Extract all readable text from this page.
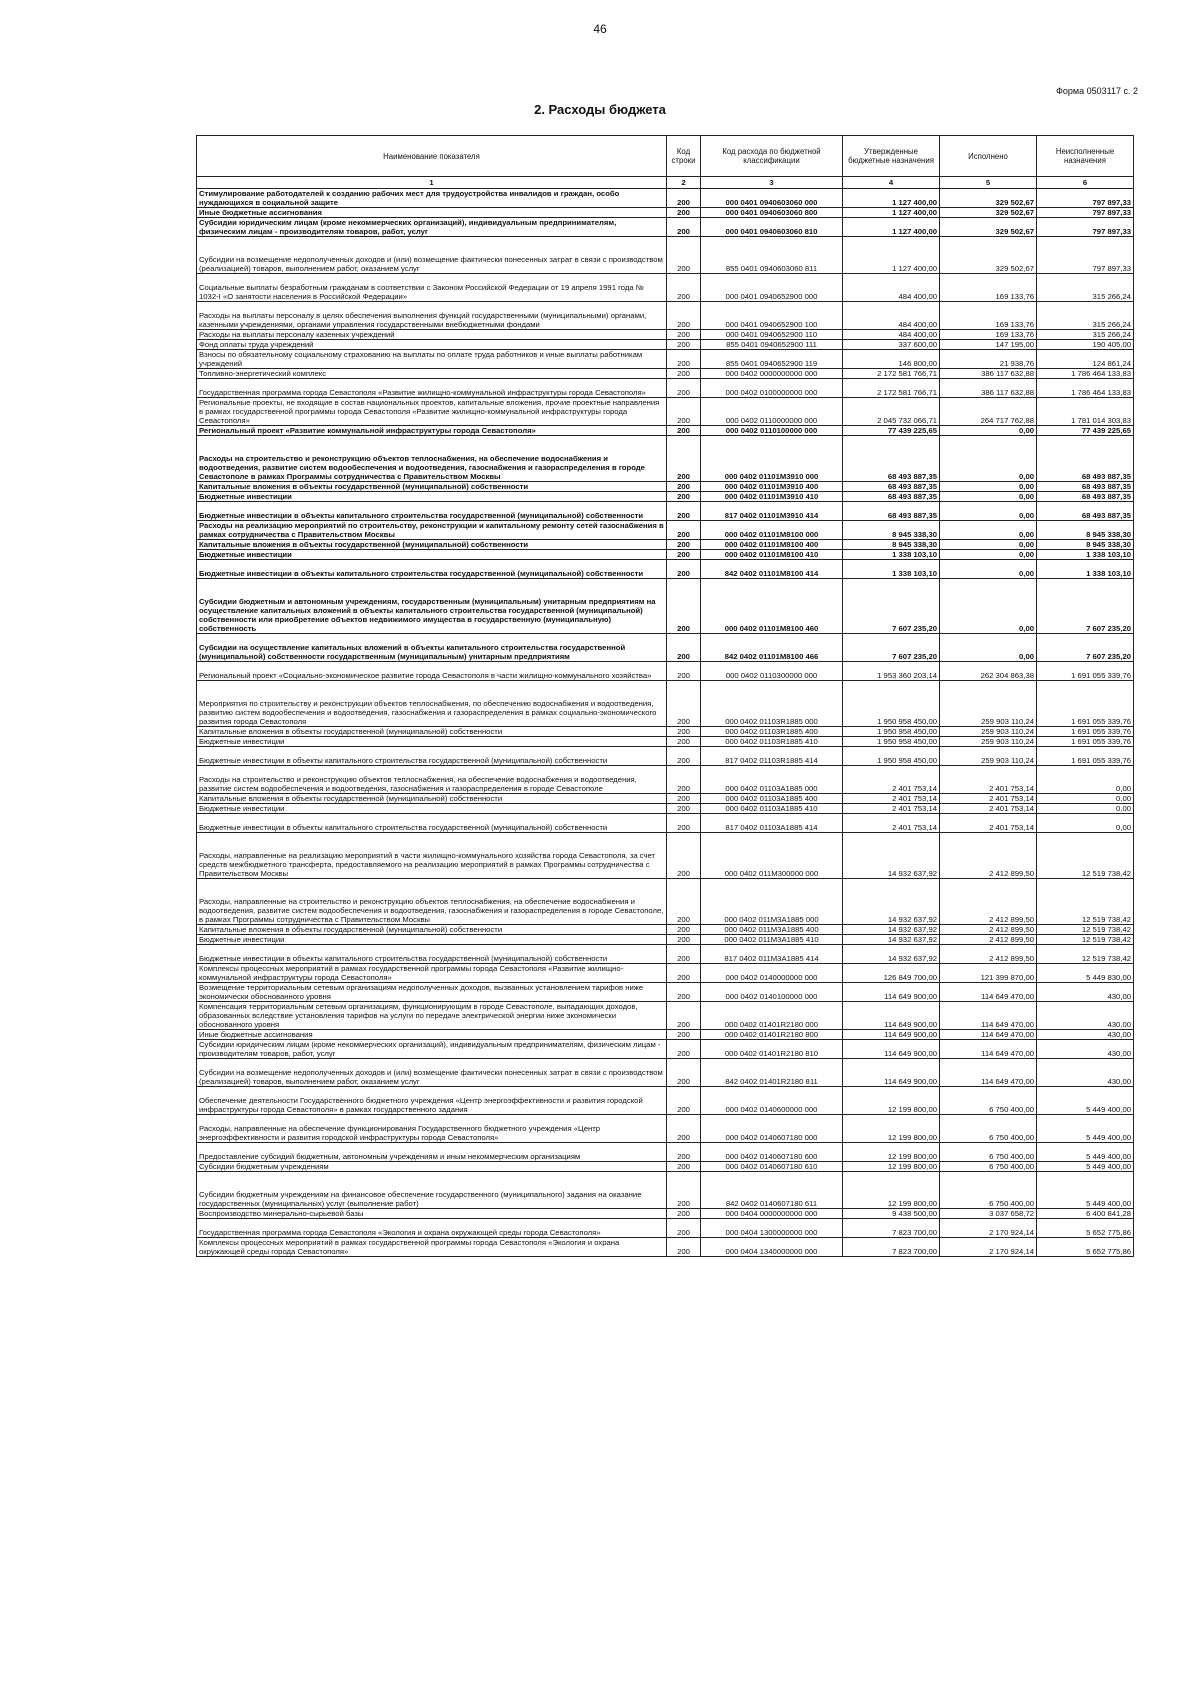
46
Форма 0503117 с. 2
2. Расходы бюджета
Наименование показателя	Код строки	Код расхода по бюджетной классификации	Утвержденные бюджетные назначения	Исполнено	Неисполненные назначения
1	2	3	4	5	6
Стимулирование работодателей к созданию рабочих мест для трудоустройства инвалидов и граждан, особо нуждающихся в социальной защите	200	000 0401 0940603060 000	1 127 400,00	329 502,67	797 897,33
Иные бюджетные ассигнования	200	000 0401 0940603060 800	1 127 400,00	329 502,67	797 897,33
Субсидии юридическим лицам (кроме некоммерческих организаций), индивидуальным предпринимателям, физическим лицам - производителям товаров, работ, услуг	200	000 0401 0940603060 810	1 127 400,00	329 502,67	797 897,33
Субсидии на возмещение недополученных доходов и (или) возмещение фактически понесенных затрат в связи с производством (реализацией) товаров, выполнением работ, оказанием услуг	200	855 0401 0940603060 811	1 127 400,00	329 502,67	797 897,33
Социальные выплаты безработным гражданам в соответствии с Законом Российской Федерации от 19 апреля 1991 года № 1032-I «О занятости населения в Российской Федерации»	200	000 0401 0940652900 000	484 400,00	169 133,76	315 266,24
Расходы на выплаты персоналу в целях обеспечения выполнения функций государственными (муниципальными) органами, казенными учреждениями, органами управления государственными внебюджетными фондами	200	000 0401 0940652900 100	484 400,00	169 133,76	315 266,24
Расходы на выплаты персоналу казенных учреждений	200	000 0401 0940652900 110	484 400,00	169 133,76	315 266,24
Фонд оплаты труда учреждений	200	855 0401 0940652900 111	337 600,00	147 195,00	190 405,00
Взносы по обязательному социальному страхованию на выплаты по оплате труда работников и иные выплаты работникам учреждений	200	855 0401 0940652900 119	146 800,00	21 938,76	124 861,24
Топливно-энергетический комплекс	200	000 0402 0000000000 000	2 172 581 766,71	386 117 632,88	1 786 464 133,83
Государственная программа города Севастополя «Развитие жилищно-коммунальной инфраструктуры города Севастополя»	200	000 0402 0100000000 000	2 172 581 766,71	386 117 632,88	1 786 464 133,83
Региональные проекты, не входящие в состав национальных проектов, капитальные вложения, прочие проектные направления в рамках государственной программы города Севастополя «Развитие жилищно-коммунальной инфраструктуры города Севастополя»	200	000 0402 0110000000 000	2 045 732 066,71	264 717 762,88	1 781 014 303,83
Региональный проект «Развитие коммунальной инфраструктуры города Севастополя»	200	000 0402 0110100000 000	77 439 225,65	0,00	77 439 225,65
Расходы на строительство и реконструкцию объектов теплоснабжения, на обеспечение водоснабжения и водоотведения, развитие систем водообеспечения и водоотведения, газоснабжения и газораспределения в городе Севастополе в рамках Программы сотрудничества с Правительством Москвы	200	000 0402 01101М3910 000	68 493 887,35	0,00	68 493 887,35
Капитальные вложения в объекты государственной (муниципальной) собственности	200	000 0402 01101М3910 400	68 493 887,35	0,00	68 493 887,35
Бюджетные инвестиции	200	000 0402 01101М3910 410	68 493 887,35	0,00	68 493 887,35
Бюджетные инвестиции в объекты капитального строительства государственной (муниципальной) собственности	200	817 0402 01101М3910 414	68 493 887,35	0,00	68 493 887,35
Расходы на реализацию мероприятий по строительству, реконструкции и капитальному ремонту сетей газоснабжения в рамках сотрудничества с Правительством Москвы	200	000 0402 01101М8100 000	8 945 338,30	0,00	8 945 338,30
Капитальные вложения в объекты государственной (муниципальной) собственности	200	000 0402 01101М8100 400	8 945 338,30	0,00	8 945 338,30
Бюджетные инвестиции	200	000 0402 01101М8100 410	1 338 103,10	0,00	1 338 103,10
Бюджетные инвестиции в объекты капитального строительства государственной (муниципальной) собственности	200	842 0402 01101М8100 414	1 338 103,10	0,00	1 338 103,10
Субсидии бюджетным и автономным учреждениям, государственным (муниципальным) унитарным предприятиям на осуществление капитальных вложений в объекты капитального строительства государственной (муниципальной) собственности или приобретение объектов недвижимого имущества в государственную (муниципальную) собственность	200	000 0402 01101М8100 460	7 607 235,20	0,00	7 607 235,20
Субсидии на осуществление капитальных вложений в объекты капитального строительства государственной (муниципальной) собственности государственным (муниципальным) унитарным предприятиям	200	842 0402 01101М8100 466	7 607 235,20	0,00	7 607 235,20
Региональный проект «Социально-экономическое развитие города Севастополя в части жилищно-коммунального хозяйства»	200	000 0402 0110300000 000	1 953 360 203,14	262 304 863,38	1 691 055 339,76
Мероприятия по строительству и реконструкции объектов теплоснабжения, по обеспечению водоснабжения и водоотведения, развитию систем водообеспечения и водоотведения, газоснабжения и газораспределения в рамках социально-экономического развития города Севастополя	200	000 0402 01103R1885 000	1 950 958 450,00	259 903 110,24	1 691 055 339,76
Капитальные вложения в объекты государственной (муниципальной) собственности	200	000 0402 01103R1885 400	1 950 958 450,00	259 903 110,24	1 691 055 339,76
Бюджетные инвестиции	200	000 0402 01103R1885 410	1 950 958 450,00	259 903 110,24	1 691 055 339,76
Бюджетные инвестиции в объекты капитального строительства государственной (муниципальной) собственности	200	817 0402 01103R1885 414	1 950 958 450,00	259 903 110,24	1 691 055 339,76
Расходы на строительство и реконструкцию объектов теплоснабжения, на обеспечение водоснабжения и водоотведения, развитие систем водообеспечения и водоотведения, газоснабжения и газораспределения в городе Севастополе	200	000 0402 01103А1885 000	2 401 753,14	2 401 753,14	0,00
Капитальные вложения в объекты государственной (муниципальной) собственности	200	000 0402 01103А1885 400	2 401 753,14	2 401 753,14	0,00
Бюджетные инвестиции	200	000 0402 01103А1885 410	2 401 753,14	2 401 753,14	0,00
Бюджетные инвестиции в объекты капитального строительства государственной (муниципальной) собственности	200	817 0402 01103А1885 414	2 401 753,14	2 401 753,14	0,00
Расходы, направленные на реализацию мероприятий в части жилищно-коммунального хозяйства города Севастополя, за счет средств межбюджетного трансферта, предоставляемого на реализацию мероприятий в рамках Программы сотрудничества с Правительством Москвы	200	000 0402 011М300000 000	14 932 637,92	2 412 899,50	12 519 738,42
Расходы, направленные на строительство и реконструкцию объектов теплоснабжения, на обеспечение водоснабжения и водоотведения, развитие систем водообеспечения и водоотведения, газоснабжения и газораспределения в городе Севастополе, в рамках Программы сотрудничества с Правительством Москвы	200	000 0402 011М3А1885 000	14 932 637,92	2 412 899,50	12 519 738,42
Капитальные вложения в объекты государственной (муниципальной) собственности	200	000 0402 011М3А1885 400	14 932 637,92	2 412 899,50	12 519 738,42
Бюджетные инвестиции	200	000 0402 011М3А1885 410	14 932 637,92	2 412 899,50	12 519 738,42
Бюджетные инвестиции в объекты капитального строительства государственной (муниципальной) собственности	200	817 0402 011М3А1885 414	14 932 637,92	2 412 899,50	12 519 738,42
Комплексы процессных мероприятий в рамках государственной программы города Севастополя «Развитие жилищно-коммунальной инфраструктуры города Севастополя»	200	000 0402 0140000000 000	126 849 700,00	121 399 870,00	5 449 830,00
Возмещение территориальным сетевым организациям недополученных доходов, вызванных установлением тарифов ниже экономически обоснованного уровня	200	000 0402 0140100000 000	114 649 900,00	114 649 470,00	430,00
Компенсация территориальным сетевым организациям, функционирующим в городе Севастополе, выпадающих доходов, образованных вследствие установления тарифов на услуги по передаче электрической энергии ниже экономически обоснованного уровня	200	000 0402 01401R2180 000	114 649 900,00	114 649 470,00	430,00
Иные бюджетные ассигнования	200	000 0402 01401R2180 800	114 649 900,00	114 649 470,00	430,00
Субсидии юридическим лицам (кроме некоммерческих организаций), индивидуальным предпринимателям, физическим лицам - производителям товаров, работ, услуг	200	000 0402 01401R2180 810	114 649 900,00	114 649 470,00	430,00
Субсидии на возмещение недополученных доходов и (или) возмещение фактически понесенных затрат в связи с производством (реализацией) товаров, выполнением работ, оказанием услуг	200	842 0402 01401R2180 811	114 649 900,00	114 649 470,00	430,00
Обеспечение деятельности Государственного бюджетного учреждения «Центр энергоэффективности и развития городской инфраструктуры города Севастополя» в рамках государственного задания	200	000 0402 0140600000 000	12 199 800,00	6 750 400,00	5 449 400,00
Расходы, направленные на обеспечение функционирования Государственного бюджетного учреждения «Центр энергоэффективности и развития городской инфраструктуры города Севастополя»	200	000 0402 0140607180 000	12 199 800,00	6 750 400,00	5 449 400,00
Предоставление субсидий бюджетным, автономным учреждениям и иным некоммерческим организациям	200	000 0402 0140607180 600	12 199 800,00	6 750 400,00	5 449 400,00
Субсидии бюджетным учреждениям	200	000 0402 0140607180 610	12 199 800,00	6 750 400,00	5 449 400,00
Субсидии бюджетным учреждениям на финансовое обеспечение государственного (муниципального) задания на оказание государственных (муниципальных) услуг (выполнение работ)	200	842 0402 0140607180 611	12 199 800,00	6 750 400,00	5 449 400,00
Воспроизводство минерально-сырьевой базы	200	000 0404 0000000000 000	9 438 500,00	3 037 658,72	6 400 841,28
Государственная программа города Севастополя «Экология и охрана окружающей среды города Севастополя»	200	000 0404 1300000000 000	7 823 700,00	2 170 924,14	5 652 775,86
Комплексы процессных мероприятий в рамках государственной программы города Севастополя «Экология и охрана окружающей среды города Севастополя»	200	000 0404 1340000000 000	7 823 700,00	2 170 924,14	5 652 775,86
